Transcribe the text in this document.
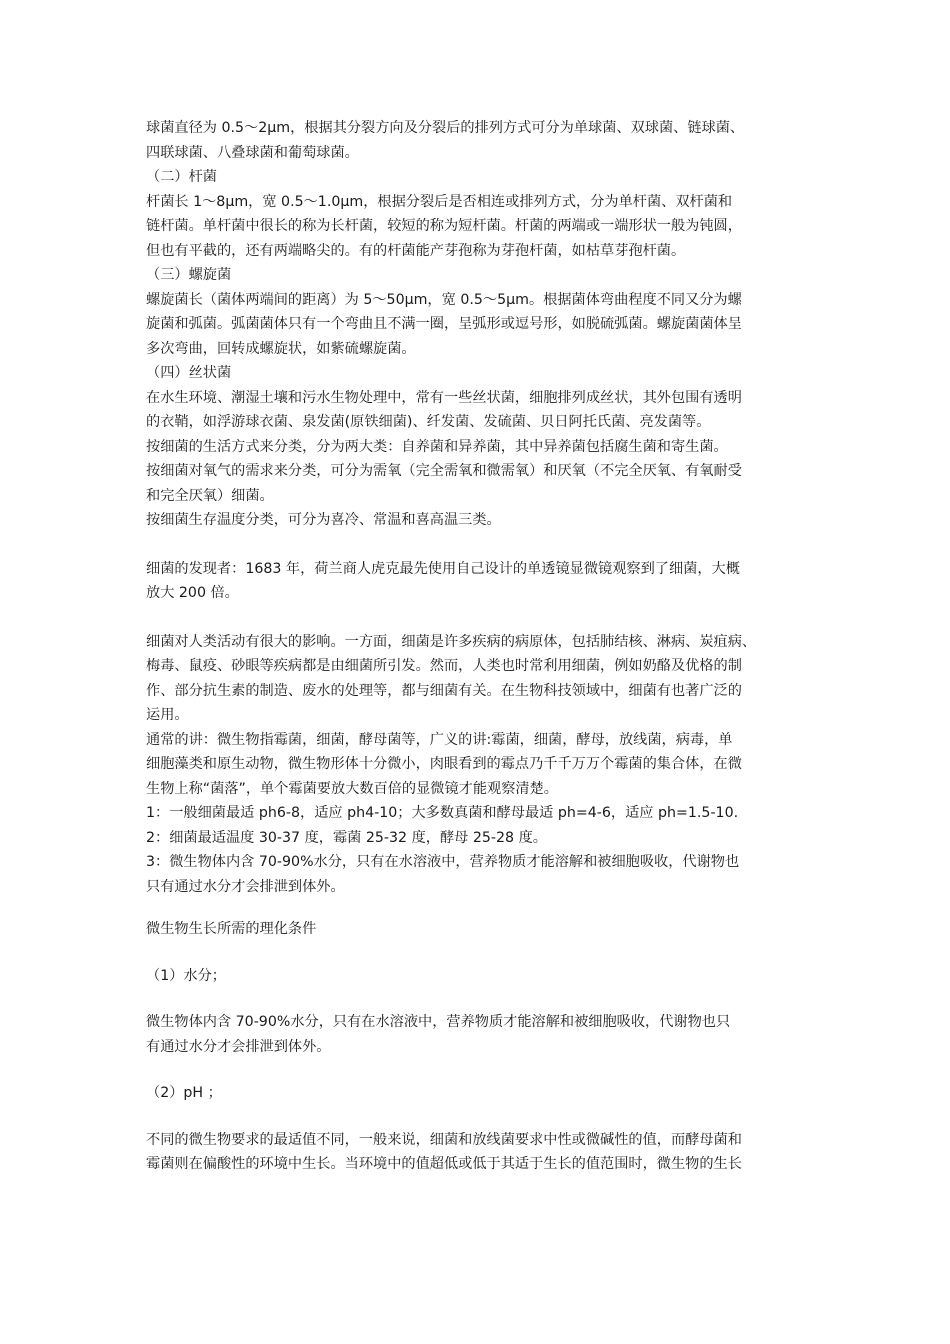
球菌直径为 0.5～2μm，根据其分裂方向及分裂后的排列方式可分为单球菌、双球菌、链球菌、

四联球菌、八叠球菌和葡萄球菌。

（二）杆菌

杆菌长 1～8μm，宽 0.5～1.0μm，根据分裂后是否相连或排列方式，分为单杆菌、双杆菌和

链杆菌。单杆菌中很长的称为长杆菌，较短的称为短杆菌。杆菌的两端或一端形状一般为钝圆，

但也有平截的，还有两端略尖的。有的杆菌能产芽孢称为芽孢杆菌，如枯草芽孢杆菌。

（三）螺旋菌

螺旋菌长（菌体两端间的距离）为 5～50μm，宽 0.5～5μm。根据菌体弯曲程度不同又分为螺

旋菌和弧菌。弧菌菌体只有一个弯曲且不满一圈，呈弧形或逗号形，如脱硫弧菌。螺旋菌菌体呈

多次弯曲，回转成螺旋状，如紫硫螺旋菌。

（四）丝状菌

在水生环境、潮湿土壤和污水生物处理中，常有一些丝状菌，细胞排列成丝状，其外包围有透明

的衣鞘，如浮游球衣菌、泉发菌(原铁细菌)、纤发菌、发硫菌、贝日阿托氏菌、亮发菌等。

按细菌的生活方式来分类，分为两大类：自养菌和异养菌，其中异养菌包括腐生菌和寄生菌。

按细菌对氧气的需求来分类，可分为需氧（完全需氧和微需氧）和厌氧（不完全厌氧、有氧耐受

和完全厌氧）细菌。

按细菌生存温度分类，可分为喜冷、常温和喜高温三类。

细菌的发现者：1683 年，荷兰商人虎克最先使用自己设计的单透镜显微镜观察到了细菌，大概

放大 200 倍。

细菌对人类活动有很大的影响。一方面，细菌是许多疾病的病原体，包括肺结核、淋病、炭疽病、

梅毒、鼠疫、砂眼等疾病都是由细菌所引发。然而，人类也时常利用细菌，例如奶酪及优格的制

作、部分抗生素的制造、废水的处理等，都与细菌有关。在生物科技领域中，细菌有也著广泛的

运用。

通常的讲：微生物指霉菌，细菌，酵母菌等，广义的讲:霉菌，细菌，酵母，放线菌，病毒，单

细胞藻类和原生动物，微生物形体十分微小，肉眼看到的霉点乃千千万万个霉菌的集合体，在微

生物上称“菌落”，单个霉菌要放大数百倍的显微镜才能观察清楚。

1：一般细菌最适 ph6-8，适应 ph4-10；大多数真菌和酵母最适 ph=4-6，适应 ph=1.5-10.

2：细菌最适温度 30-37 度，霉菌 25-32 度，酵母 25-28 度。

3：微生物体内含 70-90%水分，只有在水溶液中，营养物质才能溶解和被细胞吸收，代谢物也

只有通过水分才会排泄到体外。

微生物生长所需的理化条件

（1）水分；

微生物体内含 70-90%水分，只有在水溶液中，营养物质才能溶解和被细胞吸收，代谢物也只

有通过水分才会排泄到体外。

（2）pH ；

不同的微生物要求的最适值不同，一般来说，细菌和放线菌要求中性或微碱性的值，而酵母菌和

霉菌则在偏酸性的环境中生长。当环境中的值超低或低于其适于生长的值范围时，微生物的生长
